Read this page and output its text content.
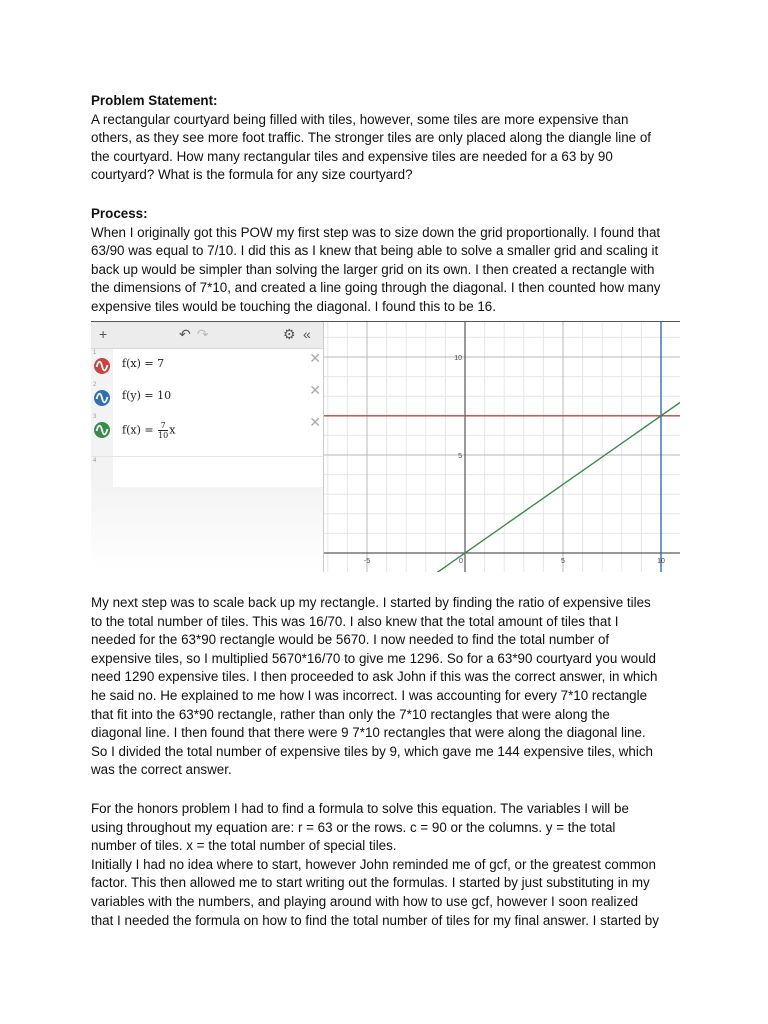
Problem Statement:

A rectangular courtyard being filled with tiles, however, some tiles are more expensive than

others, as they see more foot traffic. The stronger tiles are only placed along the diangle line of

the courtyard. How many rectangular tiles and expensive tiles are needed for a 63 by 90

courtyard? What is the formula for any size courtyard?

Process:

When I originally got this POW my first step was to size down the grid proportionally. I found that

63/90 was equal to 7/10. I did this as I knew that being able to solve a smaller grid and scaling it

back up would be simpler than solving the larger grid on its own. I then created a rectangle with

the dimensions of 7*10, and created a line going through the diagonal. I then counted how many

expensive tiles would be touching the diagonal. I found this to be 16.

+	↶ ↷	⚙ «
1
f(x) = 7	✕
2
f(y) = 10	✕
3
$f(x) = \frac{7}{10}$ x	✕
4
-5	0	5	10
10
5

My next step was to scale back up my rectangle. I started by finding the ratio of expensive tiles

to the total number of tiles. This was 16/70. I also knew that the total amount of tiles that I

needed for the 63*90 rectangle would be 5670. I now needed to find the total number of

expensive tiles, so I multiplied 5670*16/70 to give me 1296. So for a 63*90 courtyard you would

need 1290 expensive tiles. I then proceeded to ask John if this was the correct answer, in which

he said no. He explained to me how I was incorrect. I was accounting for every 7*10 rectangle

that fit into the 63*90 rectangle, rather than only the 7*10 rectangles that were along the

diagonal line. I then found that there were 9 7*10 rectangles that were along the diagonal line.

So I divided the total number of expensive tiles by 9, which gave me 144 expensive tiles, which

was the correct answer.

For the honors problem I had to find a formula to solve this equation. The variables I will be

using throughout my equation are: r = 63 or the rows. c = 90 or the columns. y = the total

number of tiles. x = the total number of special tiles.

Initially I had no idea where to start, however John reminded me of gcf, or the greatest common

factor. This then allowed me to start writing out the formulas. I started by just substituting in my

variables with the numbers, and playing around with how to use gcf, however I soon realized

that I needed the formula on how to find the total number of tiles for my final answer. I started by
